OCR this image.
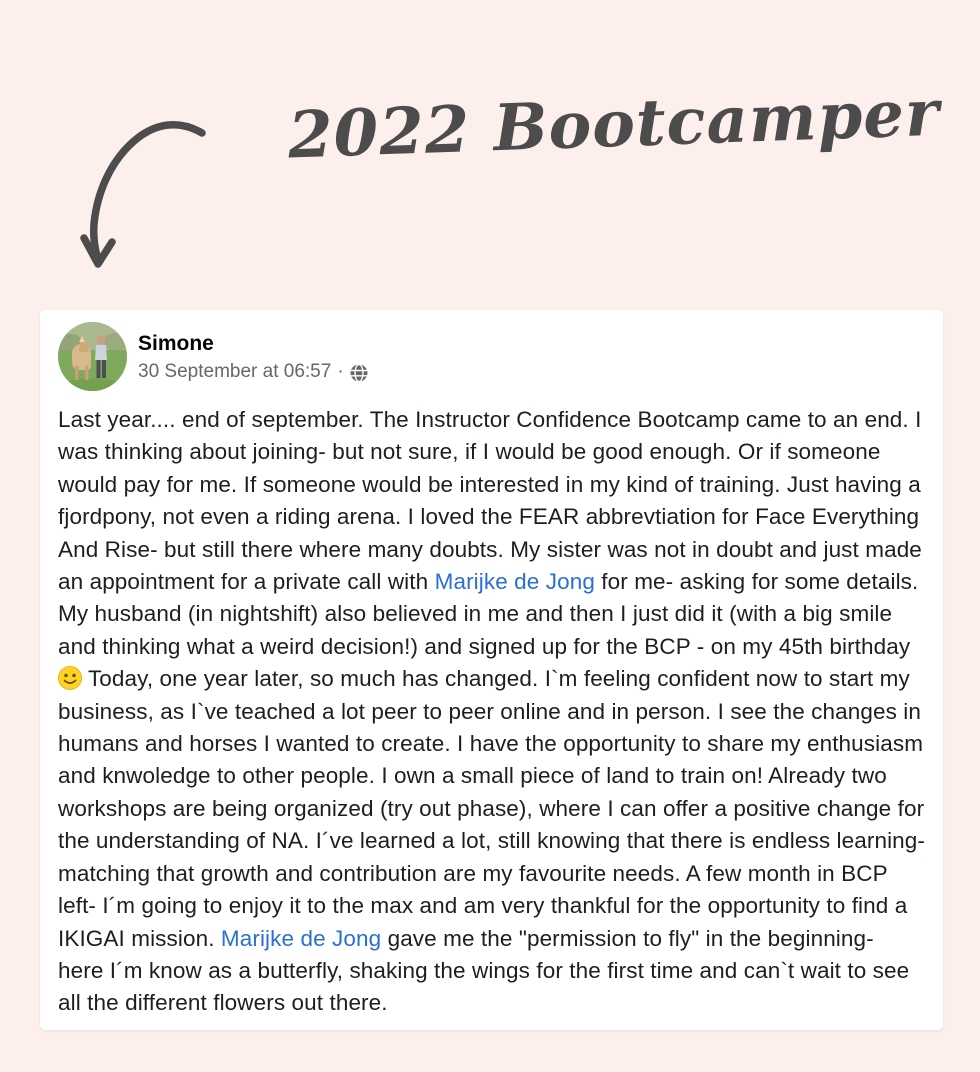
2022 Bootcamper
Simone
30 September at 06:57 ·
Last year.... end of september. The Instructor Confidence Bootcamp came to an end. I was thinking about joining- but not sure, if I would be good enough. Or if someone would pay for me. If someone would be interested in my kind of training. Just having a fjordpony, not even a riding arena. I loved the FEAR abbrevtiation for Face Everything And Rise- but still there where many doubts. My sister was not in doubt and just made an appointment for a private call with Marijke de Jong for me- asking for some details. My husband (in nightshift) also believed in me and then I just did it (with a big smile and thinking what a weird decision!) and signed up for the BCP - on my 45th birthday  Today, one year later, so much has changed. I`m feeling confident now to start my business, as I`ve teached a lot peer to peer online and in person. I see the changes in humans and horses I wanted to create. I have the opportunity to share my enthusiasm and knwoledge to other people. I own a small piece of land to train on! Already two workshops are being organized (try out phase), where I can offer a positive change for the understanding of NA. I´ve learned a lot, still knowing that there is endless learning- matching that growth and contribution are my favourite needs. A few month in BCP left- I´m going to enjoy it to the max and am very thankful for the opportunity to find a IKIGAI mission. Marijke de Jong gave me the "permission to fly" in the beginning- here I´m know as a butterfly, shaking the wings for the first time and can`t wait to see all the different flowers out there.
